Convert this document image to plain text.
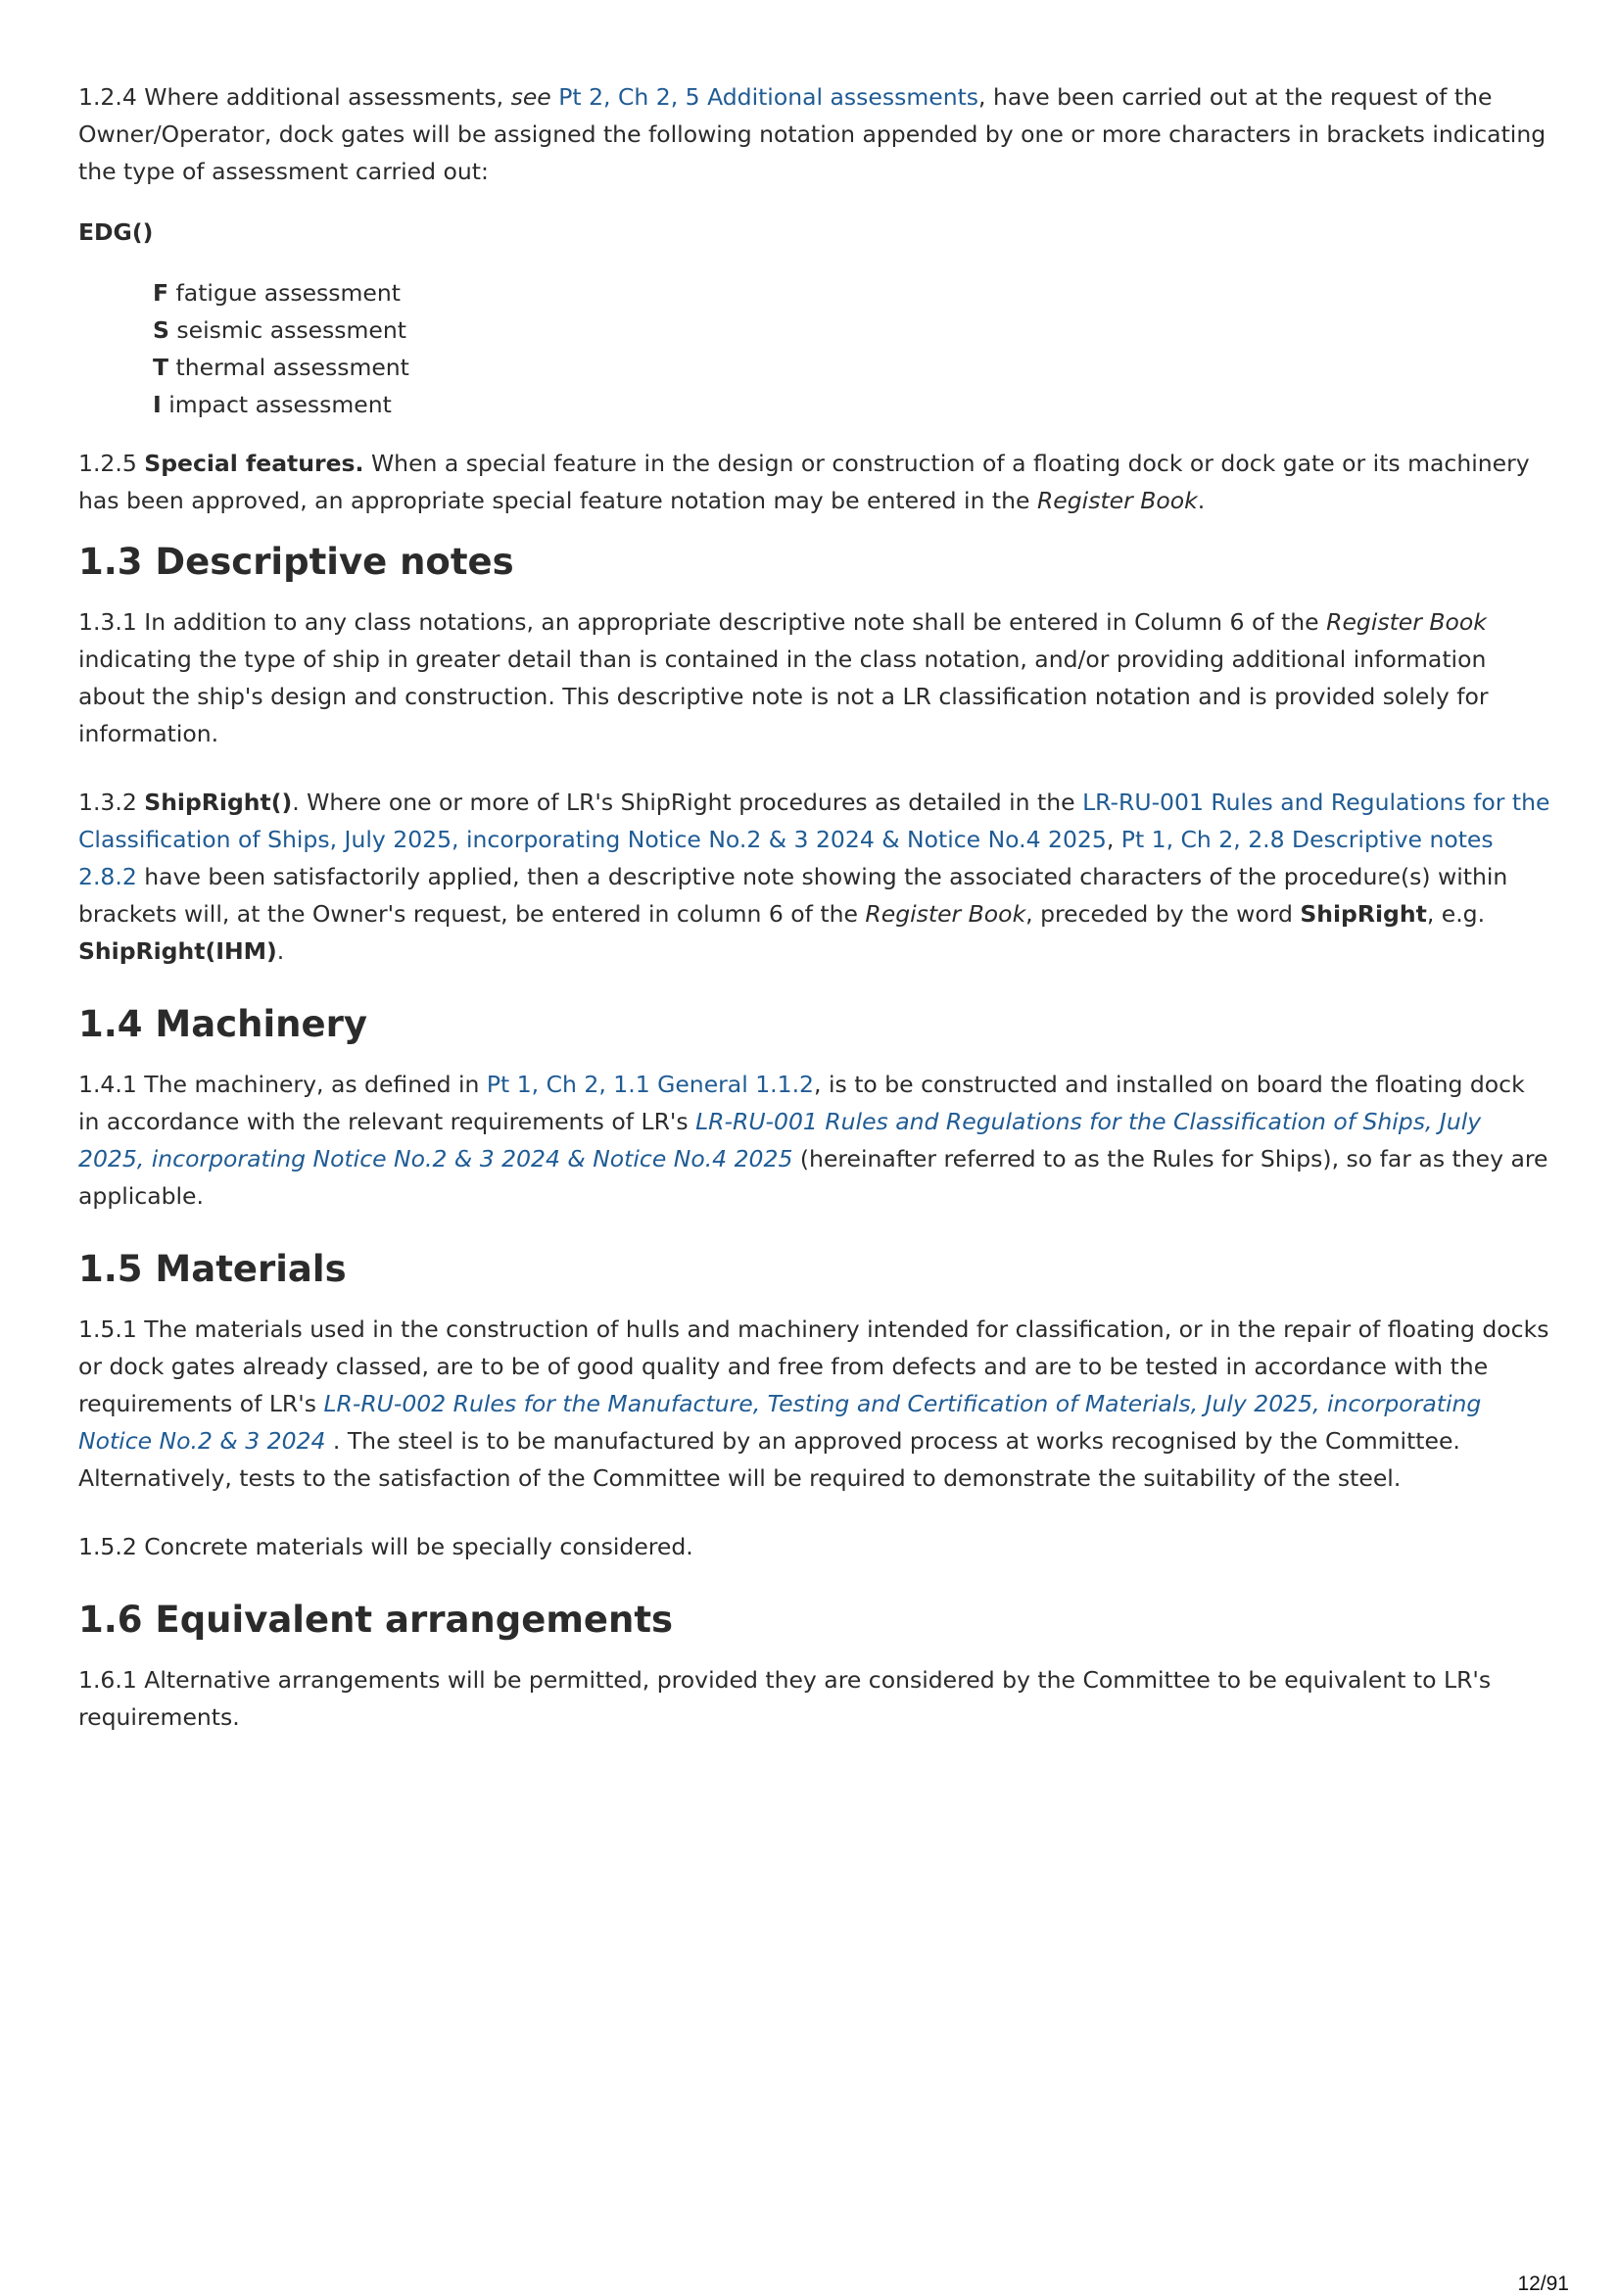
1.2.4 Where additional assessments, see Pt 2, Ch 2, 5 Additional assessments, have been carried out at the request of the Owner/Operator, dock gates will be assigned the following notation appended by one or more characters in brackets indicating the type of assessment carried out:

EDG()

F fatigue assessment
S seismic assessment
T thermal assessment
I impact assessment

1.2.5 Special features. When a special feature in the design or construction of a floating dock or dock gate or its machinery has been approved, an appropriate special feature notation may be entered in the Register Book.

1.3 Descriptive notes

1.3.1 In addition to any class notations, an appropriate descriptive note shall be entered in Column 6 of the Register Book indicating the type of ship in greater detail than is contained in the class notation, and/or providing additional information about the ship's design and construction. This descriptive note is not a LR classification notation and is provided solely for information.

1.3.2 ShipRight(). Where one or more of LR's ShipRight procedures as detailed in the LR-RU-001 Rules and Regulations for the Classification of Ships, July 2025, incorporating Notice No.2 & 3 2024 & Notice No.4 2025, Pt 1, Ch 2, 2.8 Descriptive notes 2.8.2 have been satisfactorily applied, then a descriptive note showing the associated characters of the procedure(s) within brackets will, at the Owner's request, be entered in column 6 of the Register Book, preceded by the word ShipRight, e.g. ShipRight(IHM).

1.4 Machinery

1.4.1 The machinery, as defined in Pt 1, Ch 2, 1.1 General 1.1.2, is to be constructed and installed on board the floating dock in accordance with the relevant requirements of LR's LR-RU-001 Rules and Regulations for the Classification of Ships, July 2025, incorporating Notice No.2 & 3 2024 & Notice No.4 2025 (hereinafter referred to as the Rules for Ships), so far as they are applicable.

1.5 Materials

1.5.1 The materials used in the construction of hulls and machinery intended for classification, or in the repair of floating docks or dock gates already classed, are to be of good quality and free from defects and are to be tested in accordance with the requirements of LR's LR-RU-002 Rules for the Manufacture, Testing and Certification of Materials, July 2025, incorporating Notice No.2 & 3 2024 . The steel is to be manufactured by an approved process at works recognised by the Committee. Alternatively, tests to the satisfaction of the Committee will be required to demonstrate the suitability of the steel.

1.5.2 Concrete materials will be specially considered.

1.6 Equivalent arrangements

1.6.1 Alternative arrangements will be permitted, provided they are considered by the Committee to be equivalent to LR's requirements.

12/91
